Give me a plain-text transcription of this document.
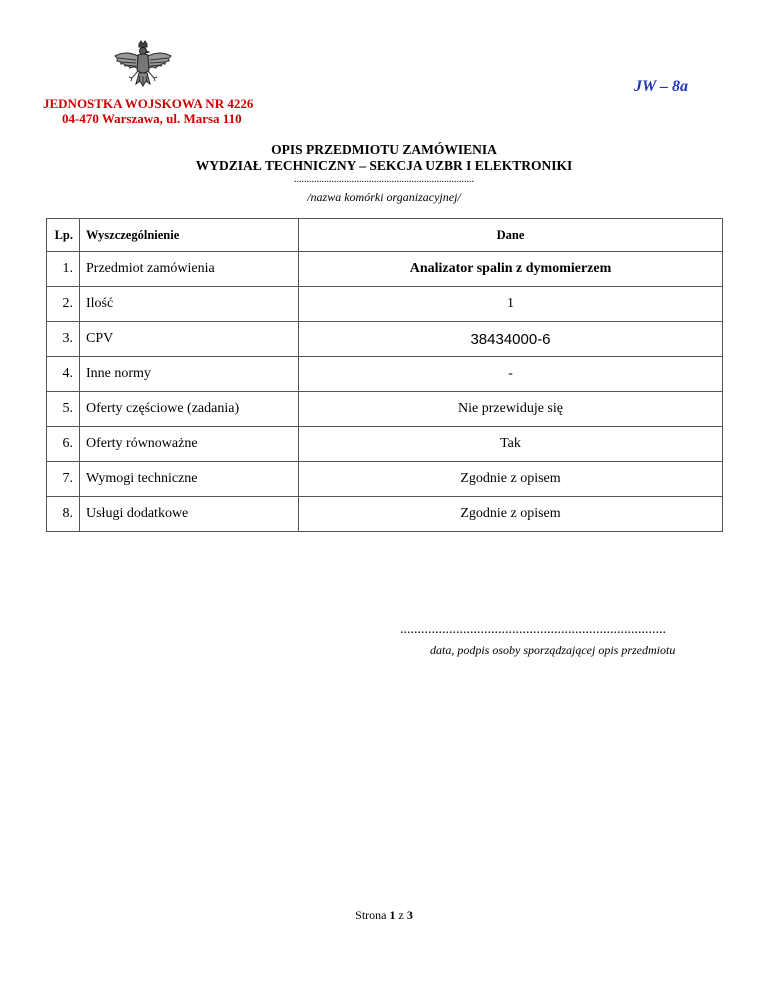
JW – 8a
JEDNOSTKA WOJSKOWA NR 4226
04-470 Warszawa, ul. Marsa 110
OPIS PRZEDMIOTU ZAMÓWIENIA
WYDZIAŁ TECHNICZNY – SEKCJA UZBR I ELEKTRONIKI
........................................................................
/nazwa komórki organizacyjnej/
Lp.	Wyszczególnienie	Dane
1.	Przedmiot zamówienia	Analizator spalin z dymomierzem
2.	Ilość	1
3.	CPV	38434000-6
4.	Inne normy	-
5.	Oferty częściowe (zadania)	Nie przewiduje się
6.	Oferty równoważne	Tak
7.	Wymogi techniczne	Zgodnie z opisem
8.	Usługi dodatkowe	Zgodnie z opisem
............................................................................
data, podpis osoby sporządzającej opis przedmiotu
Strona 1 z 3
